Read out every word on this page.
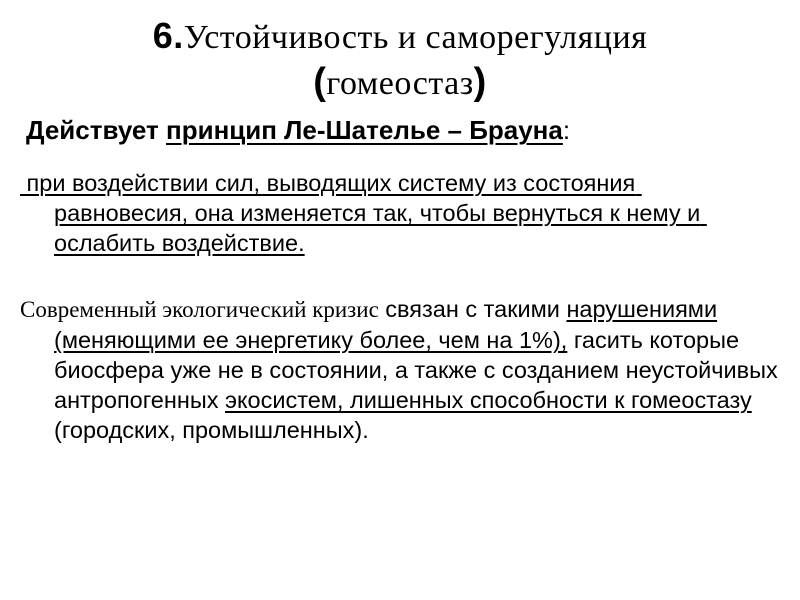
6.Устойчивость и саморегуляция
(гомеостаз)
Действует принцип Ле-Шателье – Брауна:
при воздействии сил, выводящих систему из состояния равновесия, она изменяется так, чтобы вернуться к нему и ослабить воздействие.
Современный экологический кризис связан с такими нарушениями (меняющими ее энергетику более, чем на 1%), гасить которые биосфера уже не в состоянии, а также с созданием неустойчивых антропогенных экосистем, лишенных способности к гомеостазу (городских, промышленных).
